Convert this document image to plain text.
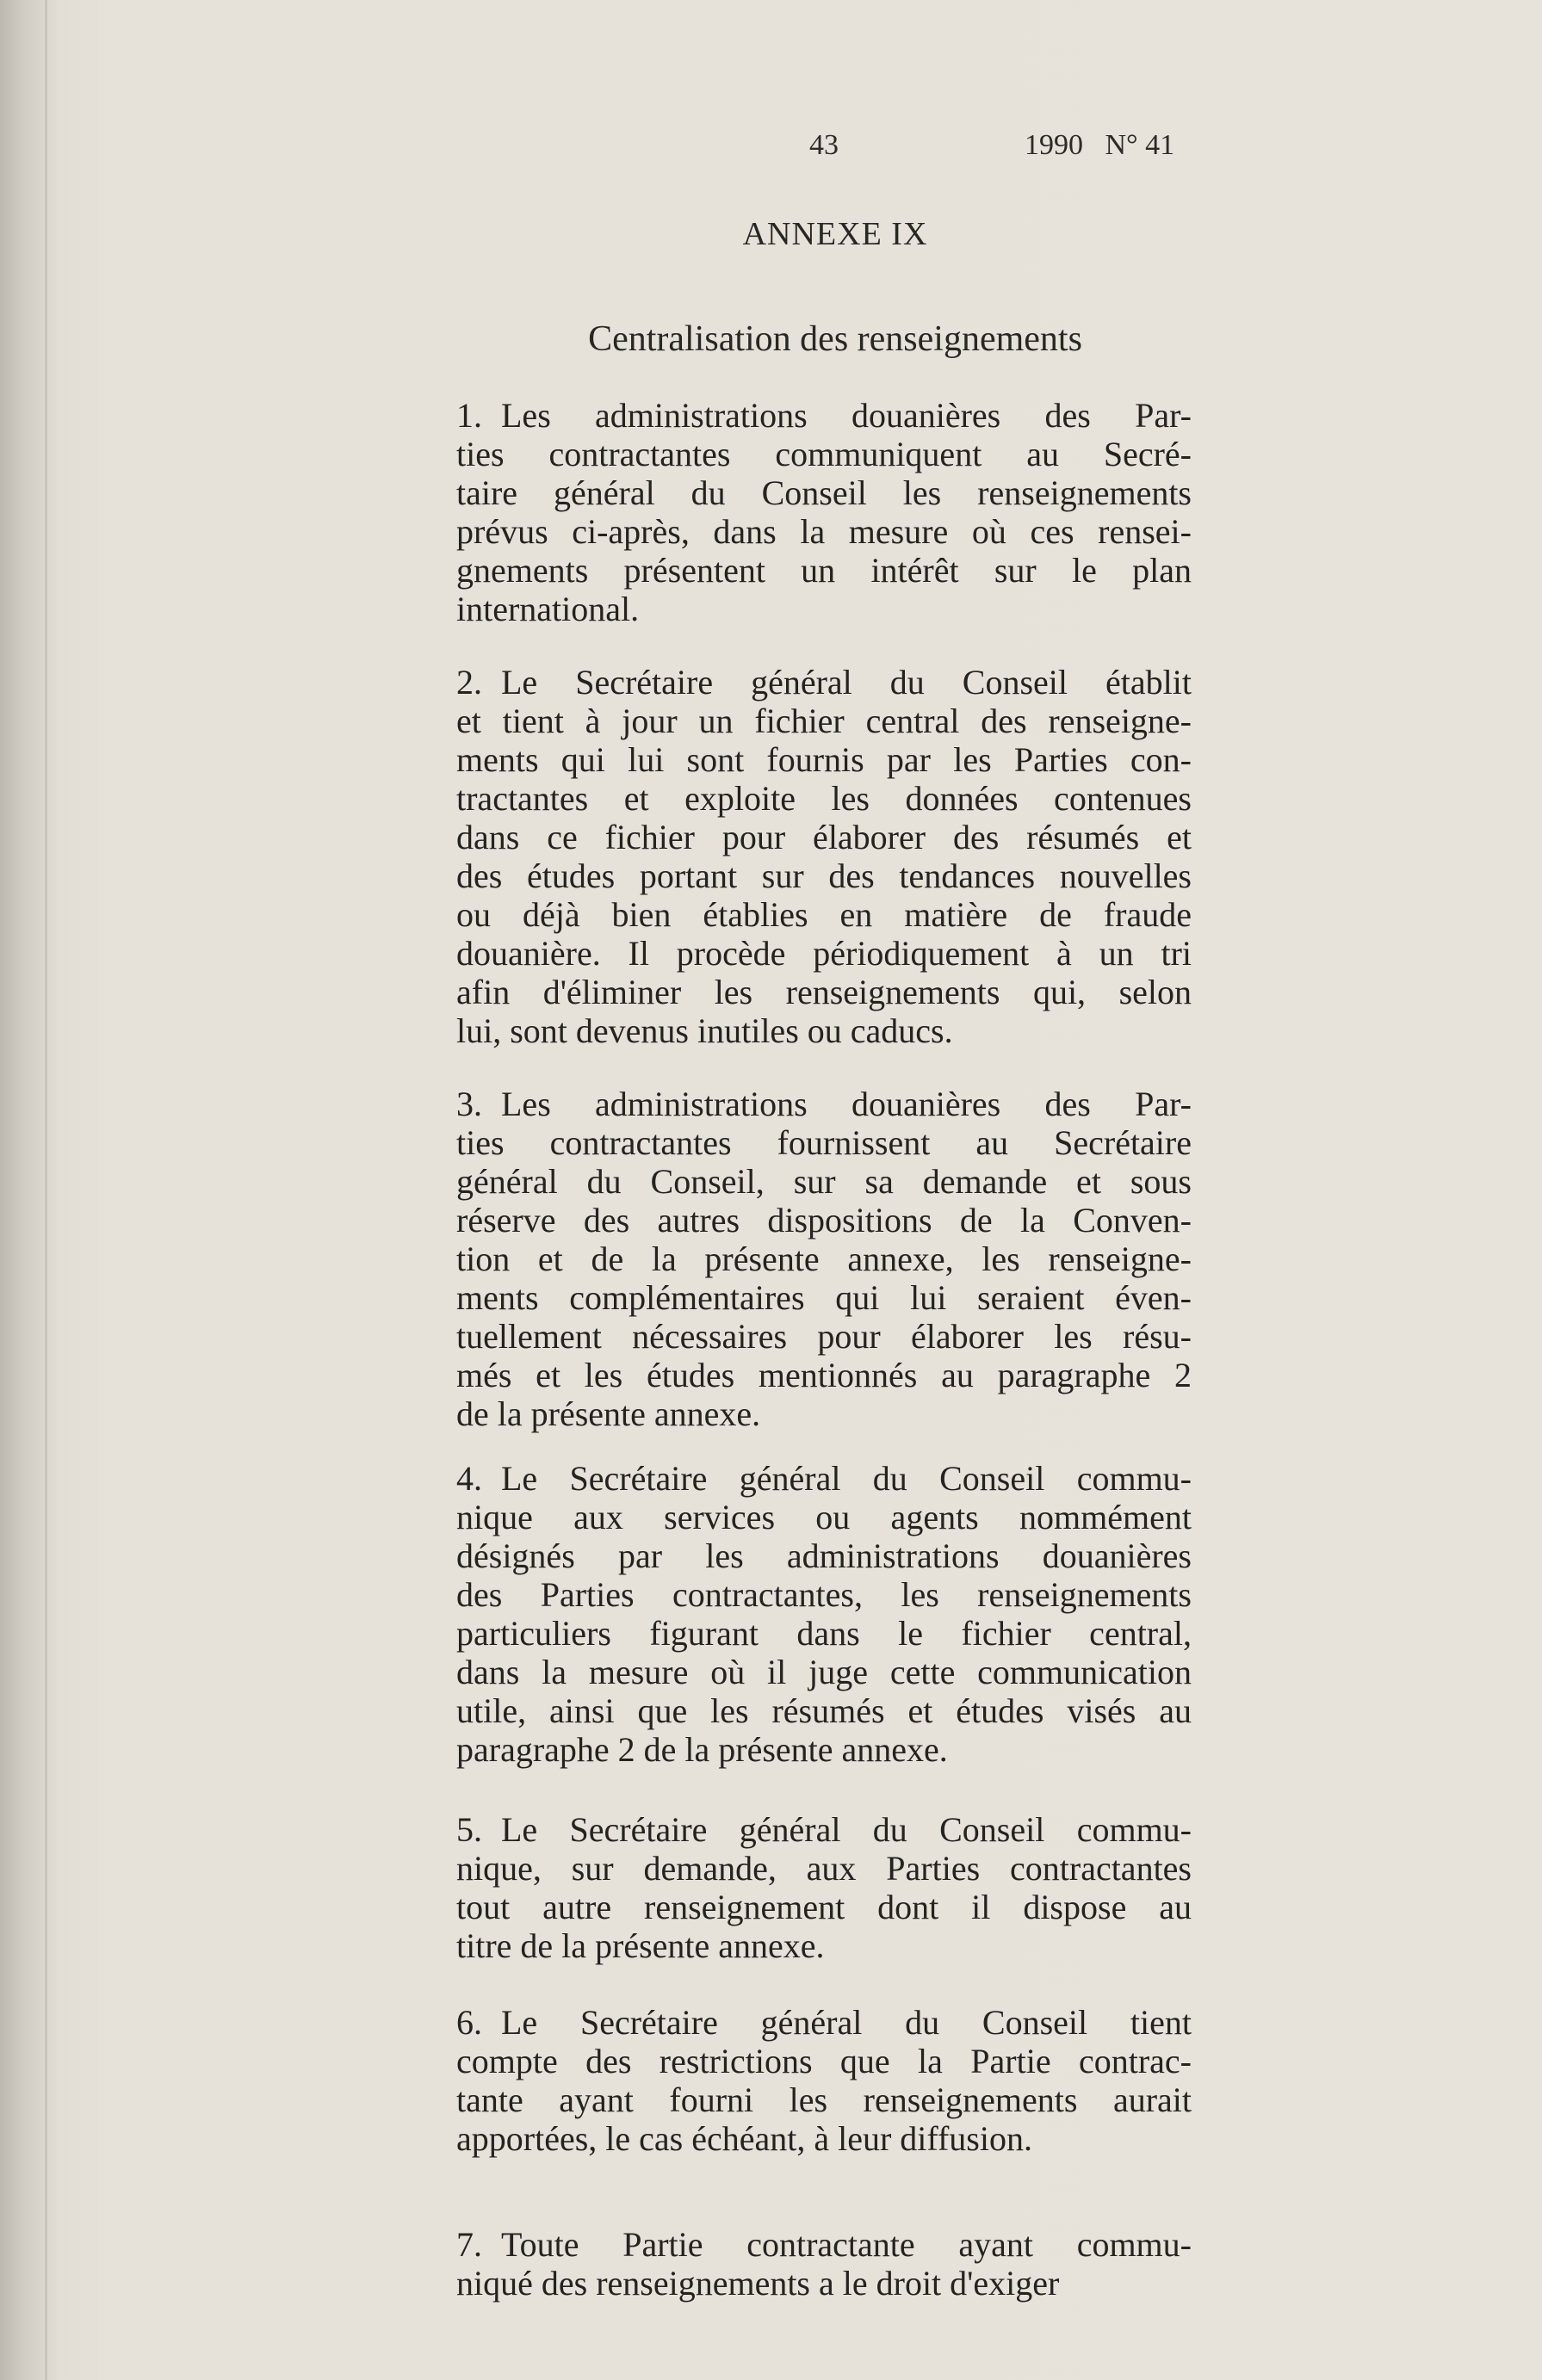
43	1990   N° 41
ANNEXE IX
Centralisation des renseignements
1. Les administrations douanières des Par-
ties contractantes communiquent au Secré-
taire général du Conseil les renseignements
prévus ci-après, dans la mesure où ces rensei-
gnements présentent un intérêt sur le plan
international.
2. Le Secrétaire général du Conseil établit
et tient à jour un fichier central des renseigne-
ments qui lui sont fournis par les Parties con-
tractantes et exploite les données contenues
dans ce fichier pour élaborer des résumés et
des études portant sur des tendances nouvelles
ou déjà bien établies en matière de fraude
douanière. Il procède périodiquement à un tri
afin d'éliminer les renseignements qui, selon
lui, sont devenus inutiles ou caducs.
3. Les administrations douanières des Par-
ties contractantes fournissent au Secrétaire
général du Conseil, sur sa demande et sous
réserve des autres dispositions de la Conven-
tion et de la présente annexe, les renseigne-
ments complémentaires qui lui seraient éven-
tuellement nécessaires pour élaborer les résu-
més et les études mentionnés au paragraphe 2
de la présente annexe.
4. Le Secrétaire général du Conseil commu-
nique aux services ou agents nommément
désignés par les administrations douanières
des Parties contractantes, les renseignements
particuliers figurant dans le fichier central,
dans la mesure où il juge cette communication
utile, ainsi que les résumés et études visés au
paragraphe 2 de la présente annexe.
5. Le Secrétaire général du Conseil commu-
nique, sur demande, aux Parties contractantes
tout autre renseignement dont il dispose au
titre de la présente annexe.
6. Le Secrétaire général du Conseil tient
compte des restrictions que la Partie contrac-
tante ayant fourni les renseignements aurait
apportées, le cas échéant, à leur diffusion.
7. Toute Partie contractante ayant commu-
niqué des renseignements a le droit d'exiger
